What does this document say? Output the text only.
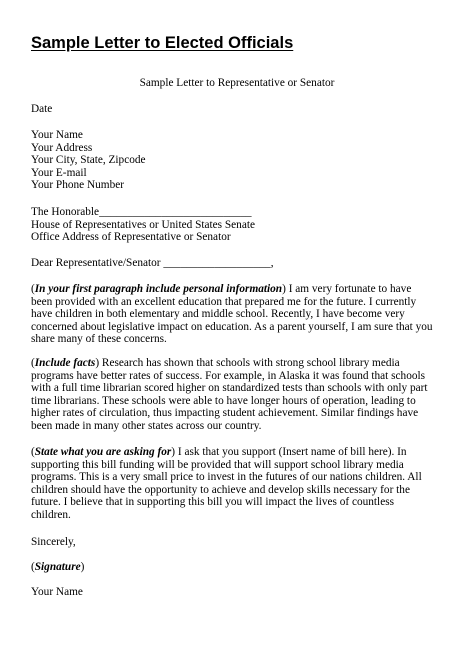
Sample Letter to Elected Officials
Sample Letter to Representative or Senator
Date
Your Name
Your Address
Your City, State, Zipcode
Your E-mail
Your Phone Number
The Honorable___________________________
House of Representatives or United States Senate
Office Address of Representative or Senator
Dear Representative/Senator ___________________,

(In your first paragraph include personal information) I am very fortunate to have

been provided with an excellent education that prepared me for the future. I currently

have children in both elementary and middle school. Recently, I have become very

concerned about legislative impact on education. As a parent yourself, I am sure that you

share many of these concerns.

(Include facts) Research has shown that schools with strong school library media

programs have better rates of success. For example, in Alaska it was found that schools

with a full time librarian scored higher on standardized tests than schools with only part

time librarians. These schools were able to have longer hours of operation, leading to

higher rates of circulation, thus impacting student achievement. Similar findings have

been made in many other states across our country.

(State what you are asking for) I ask that you support (Insert name of bill here). In

supporting this bill funding will be provided that will support school library media

programs. This is a very small price to invest in the futures of our nations children. All

children should have the opportunity to achieve and develop skills necessary for the

future. I believe that in supporting this bill you will impact the lives of countless

children.

Sincerely,
(Signature)
Your Name
